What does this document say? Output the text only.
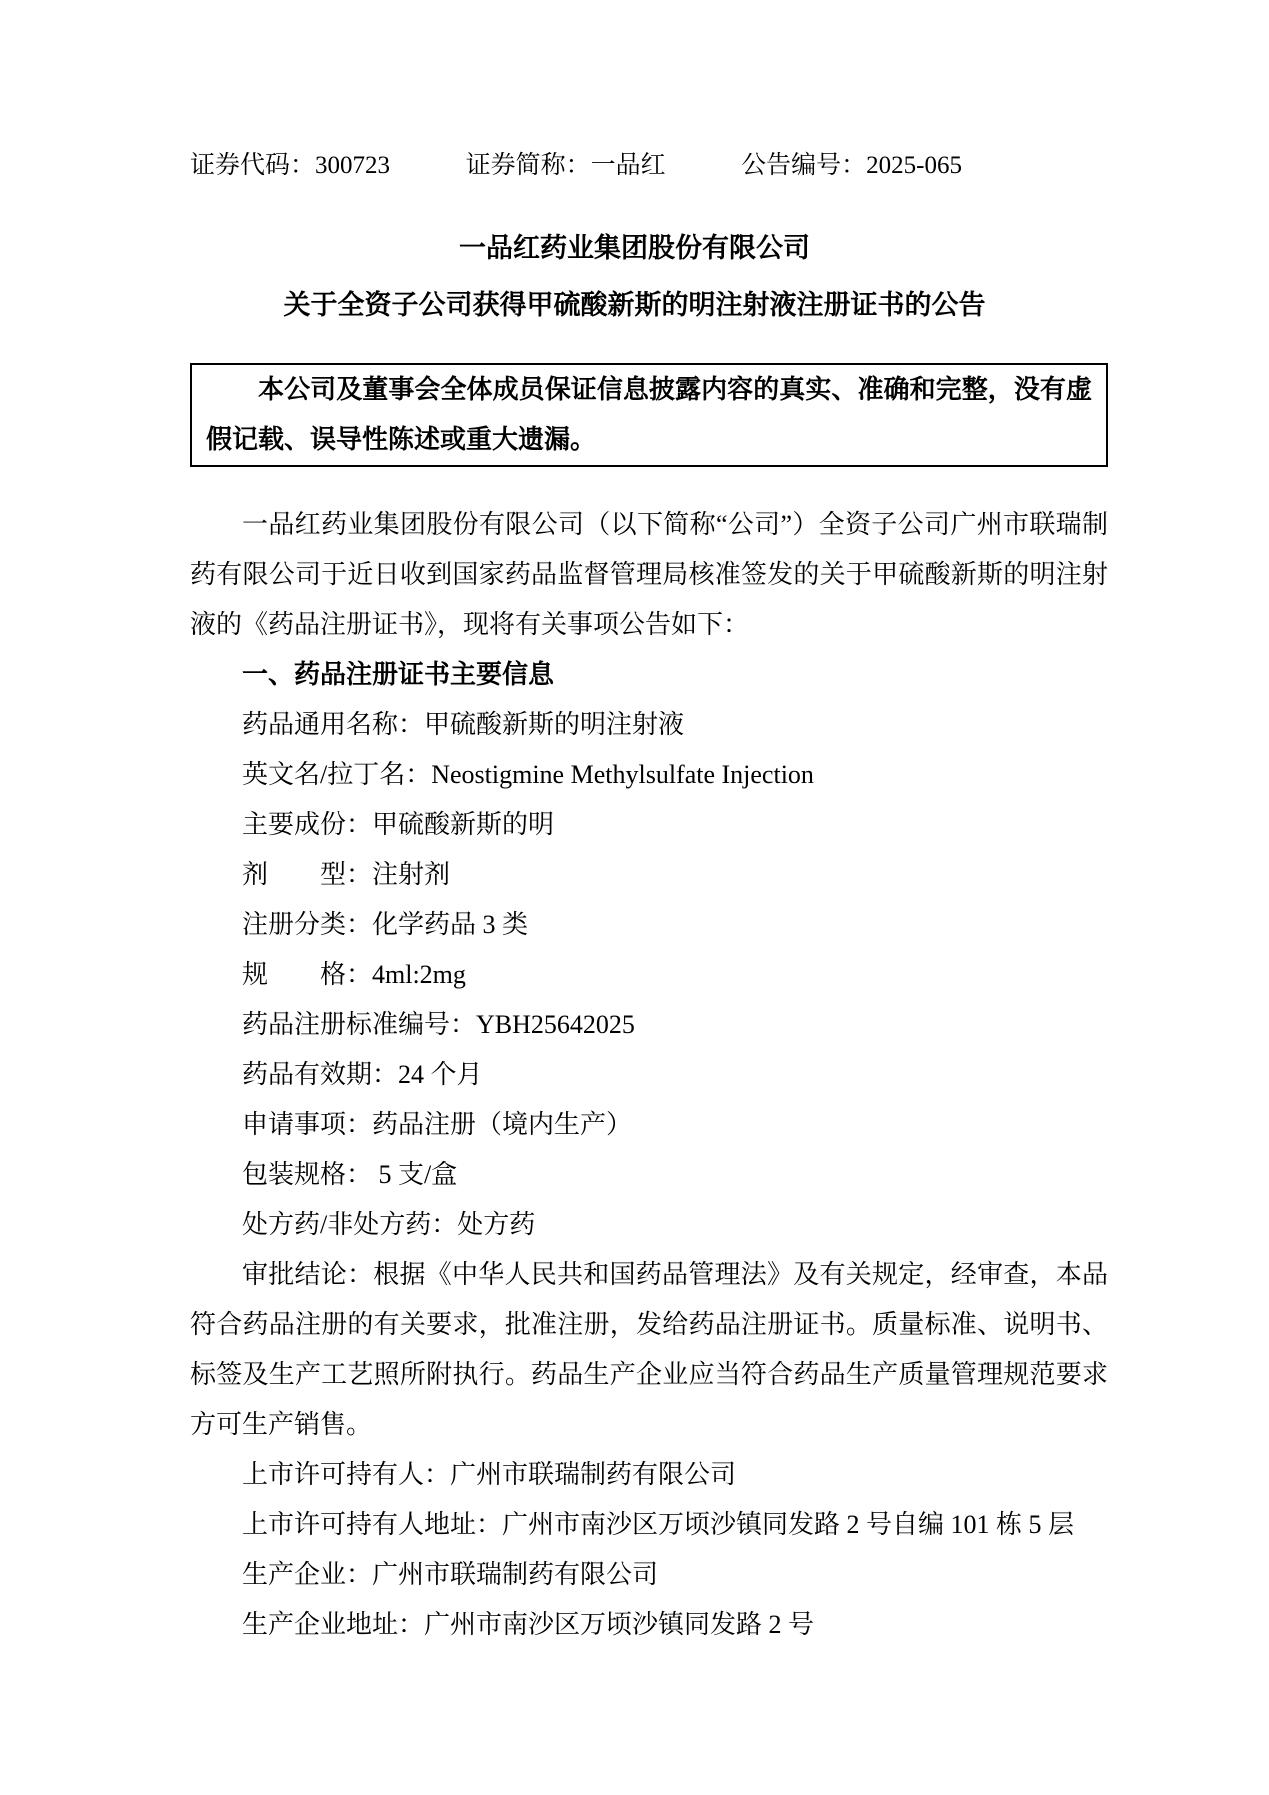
证券代码：300723	证券简称：一品红	公告编号：2025-065
一品红药业集团股份有限公司
关于全资子公司获得甲硫酸新斯的明注射液注册证书的公告

本公司及董事会全体成员保证信息披露内容的真实、准确和完整，没有虚假记载、误导性陈述或重大遗漏。

一品红药业集团股份有限公司（以下简称“公司”）全资子公司广州市联瑞制药有限公司于近日收到国家药品监督管理局核准签发的关于甲硫酸新斯的明注射液的《药品注册证书》，现将有关事项公告如下：

一、药品注册证书主要信息

药品通用名称：甲硫酸新斯的明注射液

英文名/拉丁名：Neostigmine Methylsulfate Injection

主要成份：甲硫酸新斯的明

剂　　型：注射剂

注册分类：化学药品 3 类

规　　格：4ml:2mg

药品注册标准编号：YBH25642025

药品有效期：24 个月

申请事项：药品注册（境内生产）

包装规格： 5 支/盒

处方药/非处方药：处方药

审批结论：根据《中华人民共和国药品管理法》及有关规定，经审查，本品符合药品注册的有关要求，批准注册，发给药品注册证书。质量标准、说明书、标签及生产工艺照所附执行。药品生产企业应当符合药品生产质量管理规范要求方可生产销售。

上市许可持有人：广州市联瑞制药有限公司

上市许可持有人地址：广州市南沙区万顷沙镇同发路 2 号自编 101 栋 5 层

生产企业：广州市联瑞制药有限公司

生产企业地址：广州市南沙区万顷沙镇同发路 2 号
